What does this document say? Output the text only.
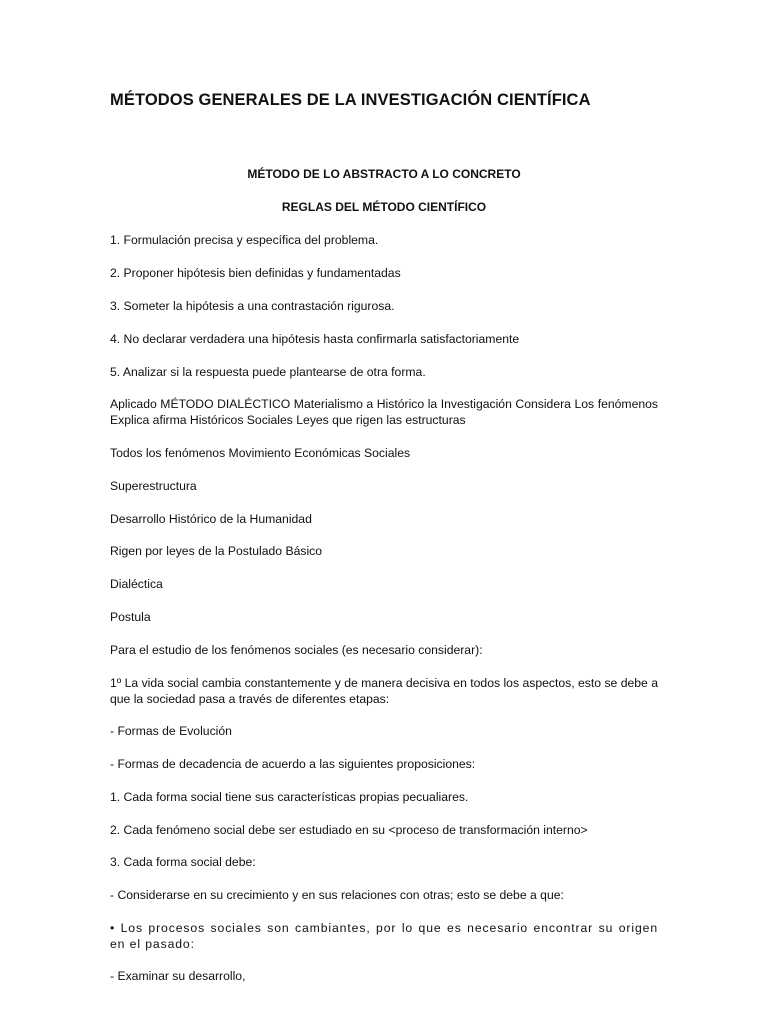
MÉTODOS GENERALES DE LA INVESTIGACIÓN CIENTÍFICA
MÉTODO DE LO ABSTRACTO A LO CONCRETO
REGLAS DEL MÉTODO CIENTÍFICO

1. Formulación precisa y específica del problema.

2. Proponer hipótesis bien definidas y fundamentadas

3. Someter la hipótesis a una contrastación rigurosa.

4. No declarar verdadera una hipótesis hasta confirmarla satisfactoriamente

5. Analizar si la respuesta puede plantearse de otra forma.

Aplicado MÉTODO DIALÉCTICO Materialismo a Histórico la Investigación Considera Los fenómenos Explica afirma Históricos Sociales Leyes que rigen las estructuras

Todos los fenómenos Movimiento Económicas Sociales

Superestructura

Desarrollo Histórico de la Humanidad

Rigen por leyes de la Postulado Básico

Dialéctica

Postula

Para el estudio de los fenómenos sociales (es necesario considerar):

1º La vida social cambia constantemente y de manera decisiva en todos los aspectos, esto se debe a que la sociedad pasa a través de diferentes etapas:

- Formas de Evolución

- Formas de decadencia de acuerdo a las siguientes proposiciones:

1. Cada forma social tiene sus características propias pecualiares.

2. Cada fenómeno social debe ser estudiado en su <proceso de transformación interno>

3. Cada forma social debe:

- Considerarse en su crecimiento y en sus relaciones con otras; esto se debe a que:

• Los procesos sociales son cambiantes, por lo que es necesario encontrar su origen en el pasado:

- Examinar su desarrollo,
